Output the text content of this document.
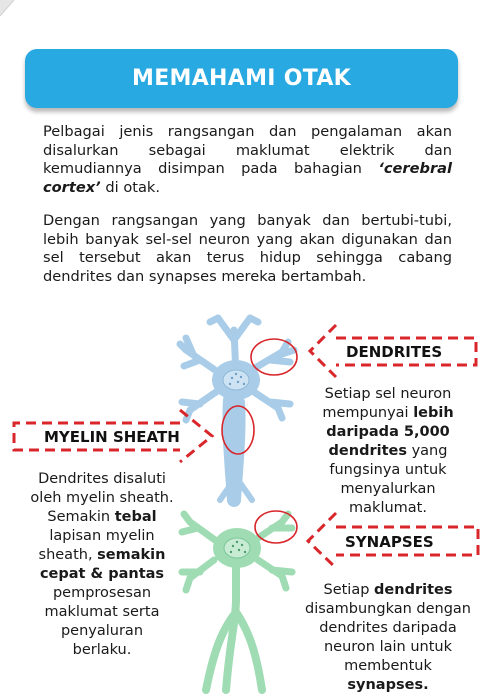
MEMAHAMI OTAK
Pelbagai jenis rangsangan dan pengalaman akan disalurkan sebagai maklumat elektrik dan kemudiannya disimpan pada bahagian ‘cerebral cortex’ di otak.
Dengan rangsangan yang banyak dan bertubi-tubi, lebih banyak sel-sel neuron yang akan digunakan dan sel tersebut akan terus hidup sehingga cabang dendrites dan synapses mereka bertambah.
DENDRITES
MYELIN SHEATH
SYNAPSES
Setiap sel neuron
mempunyai lebih
daripada 5,000
dendrites yang
fungsinya untuk
menyalurkan
maklumat.
Dendrites disaluti
oleh myelin sheath.
Semakin tebal
lapisan myelin
sheath, semakin
cepat & pantas
pemprosesan
maklumat serta
penyaluran
berlaku.
Setiap dendrites
disambungkan dengan
dendrites daripada
neuron lain untuk
membentuk
synapses.
